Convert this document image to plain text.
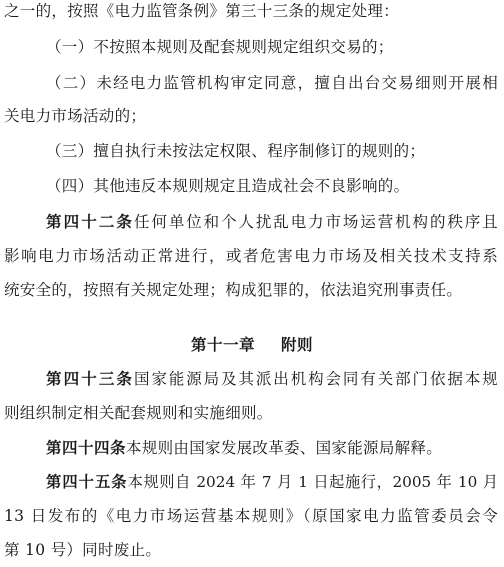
之一的，按照《电力监管条例》第三十三条的规定处理：
（一）不按照本规则及配套规则规定组织交易的；
（二）未经电力监管机构审定同意，擅自出台交易细则开展相
关电力市场活动的；
（三）擅自执行未按法定权限、程序制修订的规则的；
（四）其他违反本规则规定且造成社会不良影响的。
第四十二条任何单位和个人扰乱电力市场运营机构的秩序且
影响电力市场活动正常进行，或者危害电力市场及相关技术支持系
统安全的，按照有关规定处理；构成犯罪的，依法追究刑事责任。
第十一章 附则
第四十三条国家能源局及其派出机构会同有关部门依据本规
则组织制定相关配套规则和实施细则。
第四十四条本规则由国家发展改革委、国家能源局解释。
第四十五条本规则自 2024 年 7 月 1 日起施行，2005 年 10 月
13 日发布的《电力市场运营基本规则》（原国家电力监管委员会令
第 10 号）同时废止。
